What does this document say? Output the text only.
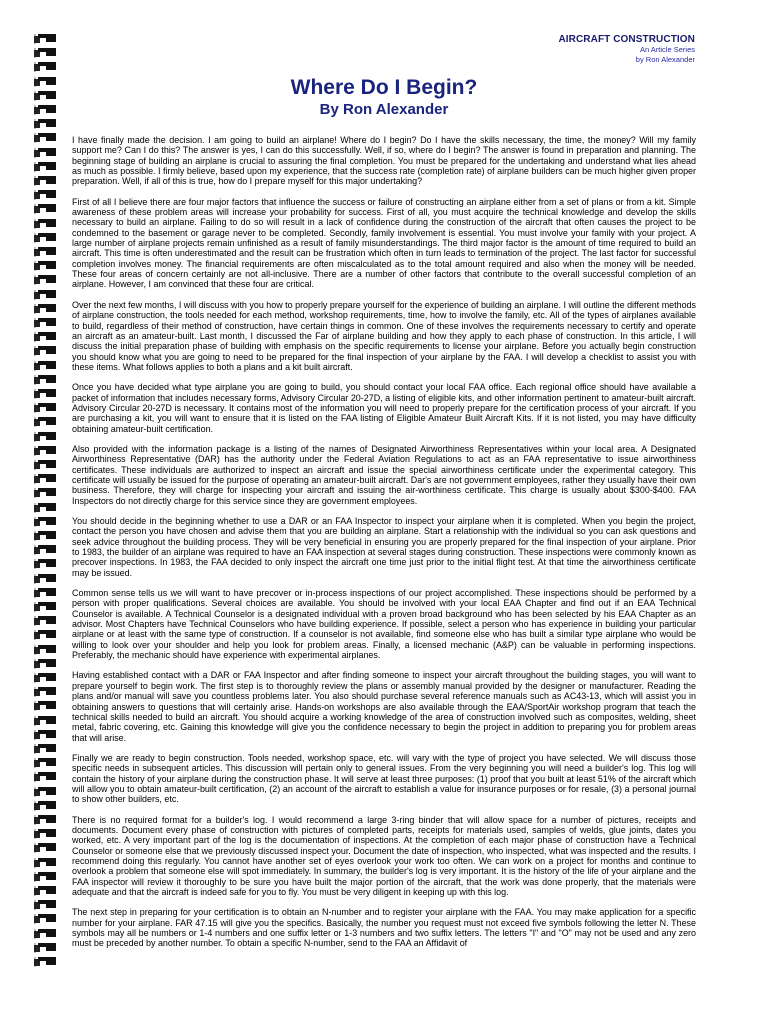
AIRCRAFT CONSTRUCTION
An Article Series
by Ron Alexander
Where Do I Begin?
By Ron Alexander

I have finally made the decision. I am going to build an airplane! Where do I begin? Do I have the skills necessary, the time, the money? Will my family support me? Can I do this? The answer is yes, I can do this successfully. Well, if so, where do I begin? The answer is found in preparation and planning. The beginning stage of building an airplane is crucial to assuring the final completion. You must be prepared for the undertaking and understand what lies ahead as much as possible. I firmly believe, based upon my experience, that the success rate (completion rate) of airplane builders can be much higher given proper preparation. Well, if all of this is true, how do I prepare myself for this major undertaking?

First of all I believe there are four major factors that influence the success or failure of constructing an airplane either from a set of plans or from a kit. Simple awareness of these problem areas will increase your probability for success. First of all, you must acquire the technical knowledge and develop the skills necessary to build an airplane. Failing to do so will result in a lack of confidence during the construction of the aircraft that often causes the project to be condemned to the basement or garage never to be completed. Secondly, family involvement is essential. You must involve your family with your project. A large number of airplane projects remain unfinished as a result of family misunderstandings. The third major factor is the amount of time required to build an aircraft. This time is often underestimated and the result can be frustration which often in turn leads to termination of the project. The last factor for successful completion involves money. The financial requirements are often miscalculated as to the total amount required and also when the money will be needed. These four areas of concern certainly are not all-inclusive. There are a number of other factors that contribute to the overall successful completion of an airplane. However, I am convinced that these four are critical.

Over the next few months, I will discuss with you how to properly prepare yourself for the experience of building an airplane. I will outline the different methods of airplane construction, the tools needed for each method, workshop requirements, time, how to involve the family, etc. All of the types of airplanes available to build, regardless of their method of construction, have certain things in common. One of these involves the requirements necessary to certify and operate an aircraft as an amateur-built. Last month, I discussed the Far of airplane building and how they apply to each phase of construction. In this article, I will discuss the initial preparation phase of building with emphasis on the specific requirements to license your airplane. Before you actually begin construction you should know what you are going to need to be prepared for the final inspection of your airplane by the FAA. I will develop a checklist to assist you with these items. What follows applies to both a plans and a kit built aircraft.

Once you have decided what type airplane you are going to build, you should contact your local FAA office. Each regional office should have available a packet of information that includes necessary forms, Advisory Circular 20-27D, a listing of eligible kits, and other information pertinent to amateur-built aircraft. Advisory Circular 20-27D is necessary. It contains most of the information you will need to properly prepare for the certification process of your aircraft. If you are purchasing a kit, you will want to ensure that it is listed on the FAA listing of Eligible Amateur Built Aircraft Kits. If it is not listed, you may have difficulty obtaining amateur-built certification.

Also provided with the information package is a listing of the names of Designated Airworthiness Representatives within your local area. A Designated Airworthiness Representative (DAR) has the authority under the Federal Aviation Regulations to act as an FAA representative to issue airworthiness certificates. These individuals are authorized to inspect an aircraft and issue the special airworthiness certificate under the experimental category. This certificate will usually be issued for the purpose of operating an amateur-built aircraft. Dar's are not government employees, rather they usually have their own business. Therefore, they will charge for inspecting your aircraft and issuing the air-worthiness certificate. This charge is usually about $300-$400. FAA Inspectors do not directly charge for this service since they are government employees.

You should decide in the beginning whether to use a DAR or an FAA Inspector to inspect your airplane when it is completed. When you begin the project, contact the person you have chosen and advise them that you are building an airplane. Start a relationship with the individual so you can ask questions and seek advice throughout the building process. They will be very beneficial in ensuring you are properly prepared for the final inspection of your airplane. Prior to 1983, the builder of an airplane was required to have an FAA inspection at several stages during construction. These inspections were commonly known as precover inspections. In 1983, the FAA decided to only inspect the aircraft one time just prior to the initial flight test. At that time the airworthiness certificate may be issued.

Common sense tells us we will want to have precover or in-process inspections of our project accomplished. These inspections should be performed by a person with proper qualifications. Several choices are available. You should be involved with your local EAA Chapter and find out if an EAA Technical Counselor is available. A Technical Counselor is a designated individual with a proven broad background who has been selected by his EAA Chapter as an advisor. Most Chapters have Technical Counselors who have building experience. If possible, select a person who has experience in building your particular airplane or at least with the same type of construction. If a counselor is not available, find someone else who has built a similar type airplane who would be willing to look over your shoulder and help you look for problem areas. Finally, a licensed mechanic (A&P) can be valuable in performing inspections. Preferably, the mechanic should have experience with experimental airplanes.

Having established contact with a DAR or FAA Inspector and after finding someone to inspect your aircraft throughout the building stages, you will want to prepare yourself to begin work. The first step is to thoroughly review the plans or assembly manual provided by the designer or manufacturer. Reading the plans and/or manual will save you countless problems later. You also should purchase several reference manuals such as AC43-13, which will assist you in obtaining answers to questions that will certainly arise. Hands-on workshops are also available through the EAA/SportAir workshop program that teach the technical skills needed to build an aircraft. You should acquire a working knowledge of the area of construction involved such as composites, welding, sheet metal, fabric covering, etc. Gaining this knowledge will give you the confidence necessary to begin the project in addition to preparing you for problem areas that will arise.

Finally we are ready to begin construction. Tools needed, workshop space, etc. will vary with the type of project you have selected. We will discuss those specific needs in subsequent articles. This discussion will pertain only to general issues. From the very beginning you will need a builder's log. This log will contain the history of your airplane during the construction phase. It will serve at least three purposes: (1) proof that you built at least 51% of the aircraft which will allow you to obtain amateur-built certification, (2) an account of the aircraft to establish a value for insurance purposes or for resale, (3) a personal journal to show other builders, etc.

There is no required format for a builder's log. I would recommend a large 3-ring binder that will allow space for a number of pictures, receipts and documents. Document every phase of construction with pictures of completed parts, receipts for materials used, samples of welds, glue joints, dates you worked, etc. A very important part of the log is the documentation of inspections. At the completion of each major phase of construction have a Technical Counselor or someone else that we previously discussed inspect your. Document the date of inspection, who inspected, what was inspected and the results. I recommend doing this regularly. You cannot have another set of eyes overlook your work too often. We can work on a project for months and continue to overlook a problem that someone else will spot immediately. In summary, the builder's log is very important. It is the history of the life of your airplane and the FAA inspector will review it thoroughly to be sure you have built the major portion of the aircraft, that the work was done properly, that the materials were adequate and that the aircraft is indeed safe for you to fly. You must be very diligent in keeping up with this log.

The next step in preparing for your certification is to obtain an N-number and to register your airplane with the FAA. You may make application for a specific number for your airplane. FAR 47.15 will give you the specifics. Basically, the number you request must not exceed five symbols following the letter N. These symbols may all be numbers or 1-4 numbers and one suffix letter or 1-3 numbers and two suffix letters. The letters "I" and "O" may not be used and any zero must be preceded by another number. To obtain a specific N-number, send to the FAA an Affidavit of
